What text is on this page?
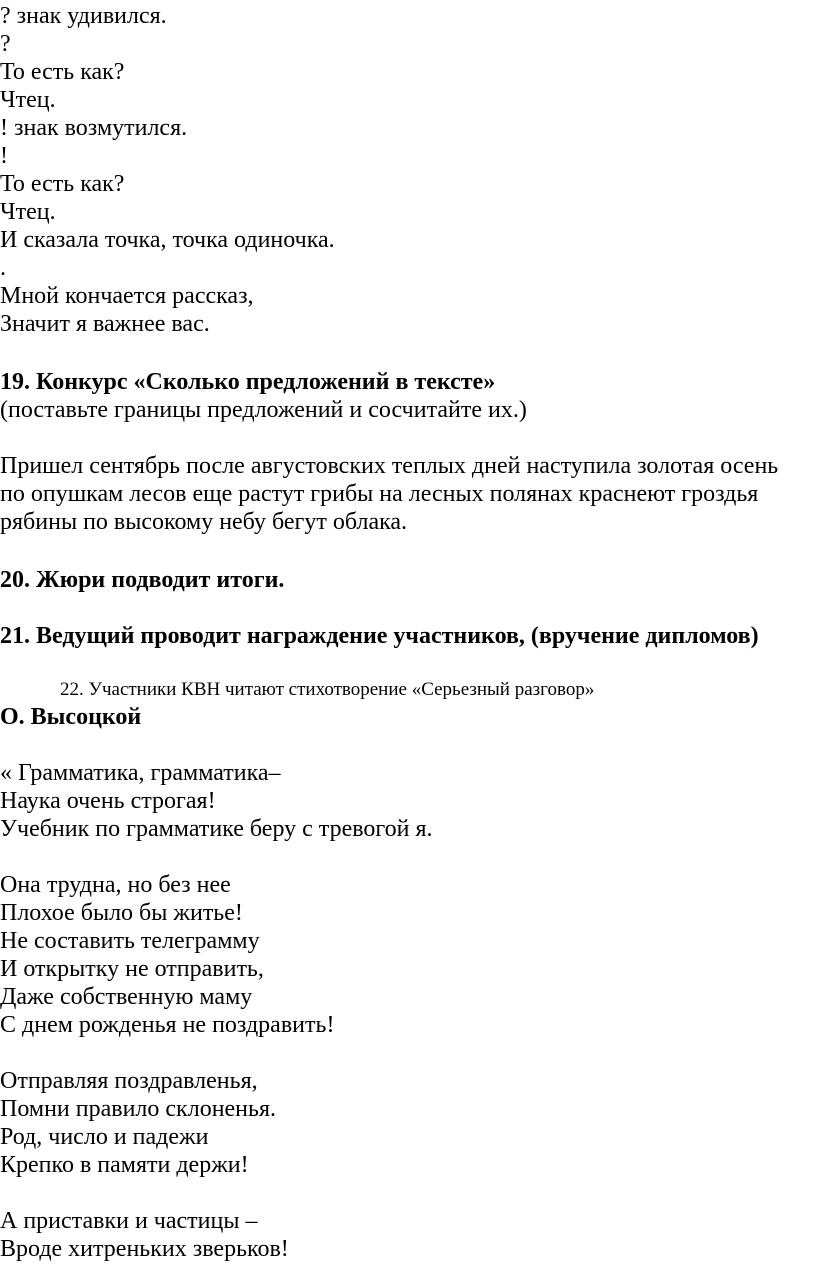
? знак удивился.
?
То есть как?
Чтец.
! знак возмутился.
!
То есть как?
Чтец.
И сказала точка, точка одиночка.
.
Мной кончается рассказ,
Значит я важнее вас.
19. Конкурс «Сколько предложений в тексте»
(поставьте границы предложений и сосчитайте их.)
Пришел сентябрь после августовских теплых дней наступила золотая осень
по опушкам лесов еще растут грибы на лесных полянах краснеют гроздья
рябины по высокому небу бегут облака.
20. Жюри подводит итоги.
21. Ведущий проводит награждение участников, (вручение дипломов)
22. Участники КВН читают стихотворение «Серьезный разговор»
О. Высоцкой
« Грамматика, грамматика–
Наука очень строгая!
Учебник по грамматике беру с тревогой я.
Она трудна, но без нее
Плохое было бы житье!
Не составить телеграмму
И открытку не отправить,
Даже собственную маму
С днем рожденья не поздравить!
Отправляя поздравленья,
Помни правило склоненья.
Род, число и падежи
Крепко в памяти держи!
А приставки и частицы –
Вроде хитреньких зверьков!
